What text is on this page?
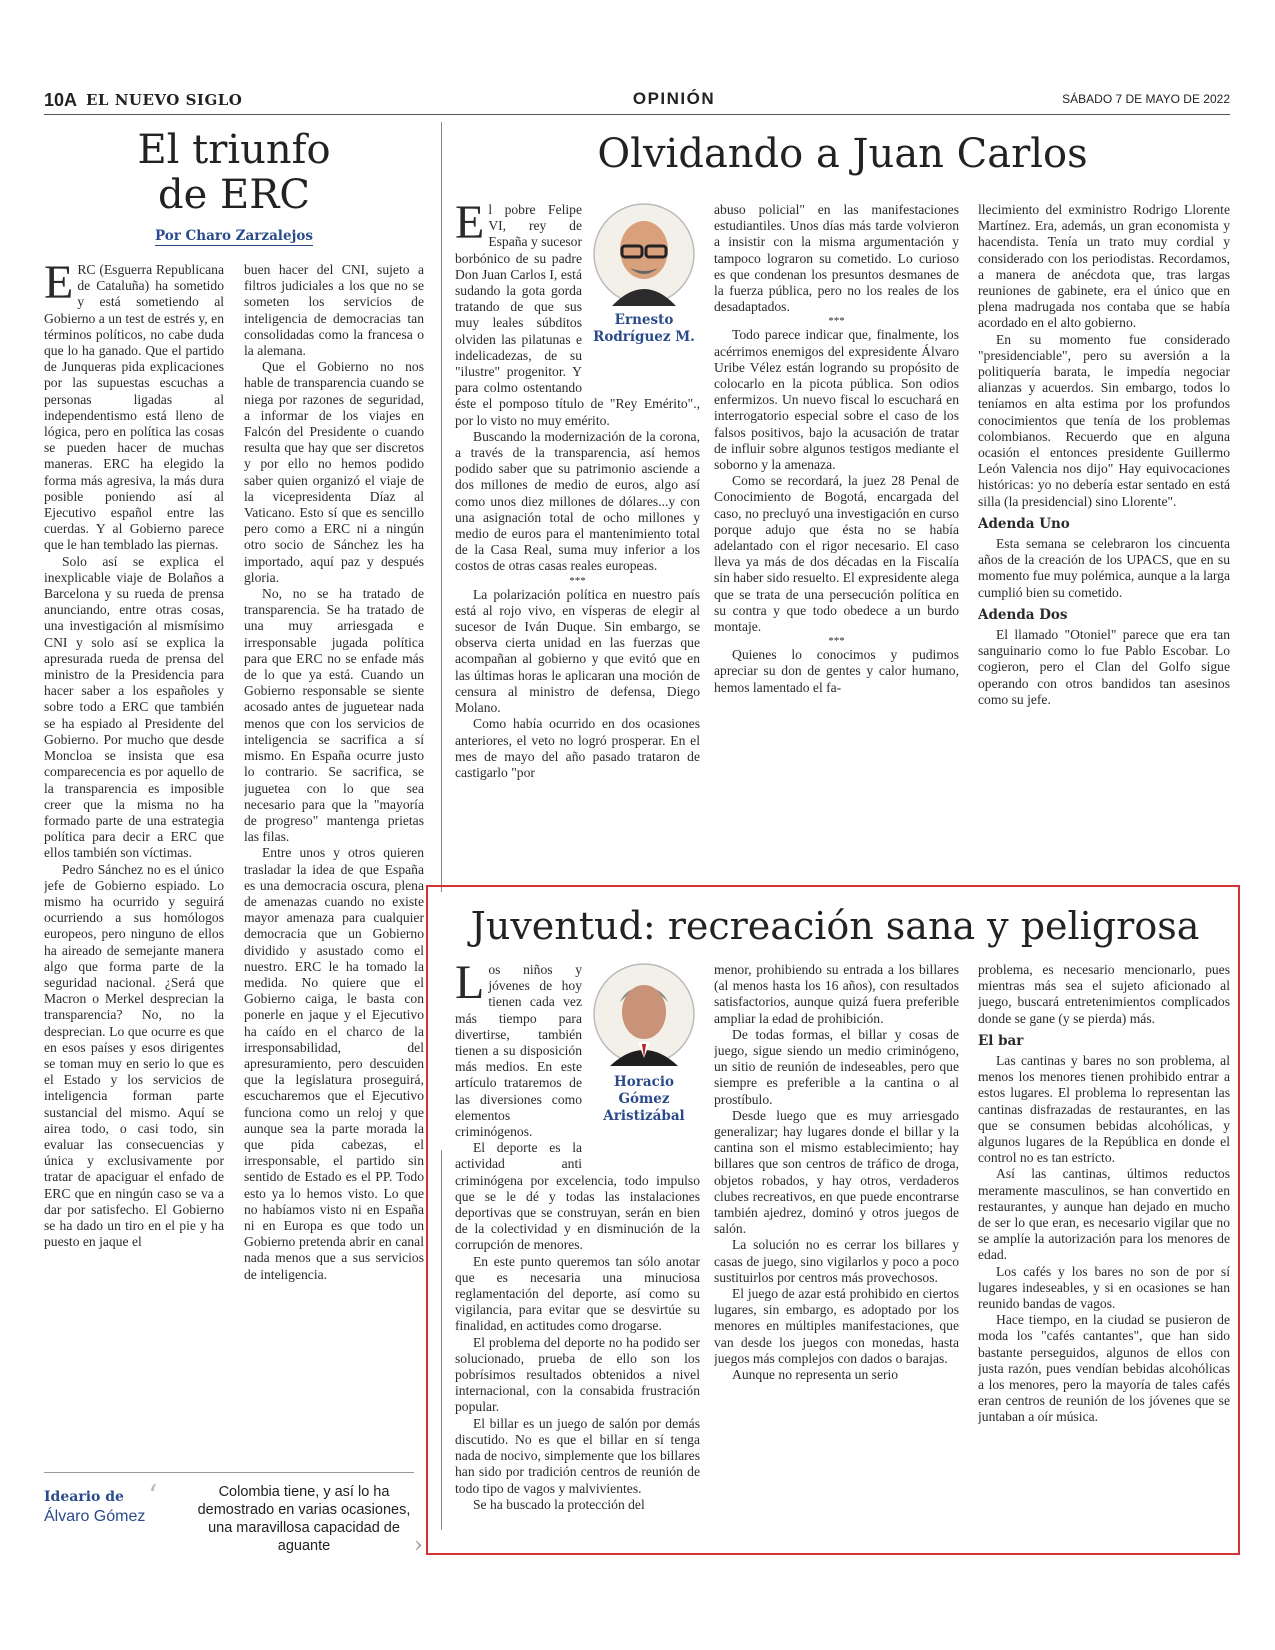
10A EL NUEVO SIGLO	OPINIÓN	SÁBADO 7 DE MAYO DE 2022
El triunfo
de ERC
Por Charo Zarzalejos

ERC (Esguerra Republicana de Cataluña) ha sometido y está sometiendo al Gobierno a un test de estrés y, en términos políticos, no cabe duda que lo ha ganado. Que el partido de Junqueras pida explicaciones por las supuestas escuchas a personas ligadas al independentismo está lleno de lógica, pero en política las cosas se pueden hacer de muchas maneras. ERC ha elegido la forma más agresiva, la más dura posible poniendo así al Ejecutivo español entre las cuerdas. Y al Gobierno parece que le han temblado las piernas.

Solo así se explica el inexplicable viaje de Bolaños a Barcelona y su rueda de prensa anunciando, entre otras cosas, una investigación al mismísimo CNI y solo así se explica la apresurada rueda de prensa del ministro de la Presidencia para hacer saber a los españoles y sobre todo a ERC que también se ha espiado al Presidente del Gobierno. Por mucho que desde Moncloa se insista que esa comparecencia es por aquello de la transparencia es imposible creer que la misma no ha formado parte de una estrategia política para decir a ERC que ellos también son víctimas.

Pedro Sánchez no es el único jefe de Gobierno espiado. Lo mismo ha ocurrido y seguirá ocurriendo a sus homólogos europeos, pero ninguno de ellos ha aireado de semejante manera algo que forma parte de la seguridad nacional. ¿Será que Macron o Merkel desprecian la transparencia? No, no la desprecian. Lo que ocurre es que en esos países y esos dirigentes se toman muy en serio lo que es el Estado y los servicios de inteligencia forman parte sustancial del mismo. Aquí se airea todo, o casi todo, sin evaluar las consecuencias y única y exclusivamente por tratar de apaciguar el enfado de ERC que en ningún caso se va a dar por satisfecho. El Gobierno se ha dado un tiro en el pie y ha puesto en jaque el

buen hacer del CNI, sujeto a filtros judiciales a los que no se someten los servicios de inteligencia de democracias tan consolidadas como la francesa o la alemana.

Que el Gobierno no nos hable de transparencia cuando se niega por razones de seguridad, a informar de los viajes en Falcón del Presidente o cuando resulta que hay que ser discretos y por ello no hemos podido saber quien organizó el viaje de la vicepresidenta Díaz al Vaticano. Esto sí que es sencillo pero como a ERC ni a ningún otro socio de Sánchez les ha importado, aquí paz y después gloria.

No, no se ha tratado de transparencia. Se ha tratado de una muy arriesgada e irresponsable jugada política para que ERC no se enfade más de lo que ya está. Cuando un Gobierno responsable se siente acosado antes de juguetear nada menos que con los servicios de inteligencia se sacrifica a sí mismo. En España ocurre justo lo contrario. Se sacrifica, se juguetea con lo que sea necesario para que la "mayoría de progreso" mantenga prietas las filas.

Entre unos y otros quieren trasladar la idea de que España es una democracia oscura, plena de amenazas cuando no existe mayor amenaza para cualquier democracia que un Gobierno dividido y asustado como el nuestro. ERC le ha tomado la medida. No quiere que el Gobierno caiga, le basta con ponerle en jaque y el Ejecutivo ha caído en el charco de la irresponsabilidad, del apresuramiento, pero descuiden que la legislatura proseguirá, escucharemos que el Ejecutivo funciona como un reloj y que aunque sea la parte morada la que pida cabezas, el irresponsable, el partido sin sentido de Estado es el PP. Todo esto ya lo hemos visto. Lo que no habíamos visto ni en España ni en Europa es que todo un Gobierno pretenda abrir en canal nada menos que a sus servicios de inteligencia.

Olvidando a Juan Carlos
Ernesto
Rodríguez M.

El pobre Felipe VI, rey de España y sucesor borbónico de su padre Don Juan Carlos I, está sudando la gota gorda tratando de que sus muy leales súbditos olviden las pilatunas e indelicadezas, de su "ilustre" progenitor. Y para colmo ostentando éste el pomposo título de "Rey Emérito"., por lo visto no muy emérito.

Buscando la modernización de la corona, a través de la transparencia, así hemos podido saber que su patrimonio asciende a dos millones de medio de euros, algo así como unos diez millones de dólares...y con una asignación total de ocho millones y medio de euros para el mantenimiento total de la Casa Real, suma muy inferior a los costos de otras casas reales europeas.

***

La polarización política en nuestro país está al rojo vivo, en vísperas de elegir al sucesor de Iván Duque. Sin embargo, se observa cierta unidad en las fuerzas que acompañan al gobierno y que evitó que en las últimas horas le aplicaran una moción de censura al ministro de defensa, Diego Molano.

Como había ocurrido en dos ocasiones anteriores, el veto no logró prosperar. En el mes de mayo del año pasado trataron de castigarlo "por

abuso policial" en las manifestaciones estudiantiles. Unos días más tarde volvieron a insistir con la misma argumentación y tampoco lograron su cometido. Lo curioso es que condenan los presuntos desmanes de la fuerza pública, pero no los reales de los desadaptados.

***

Todo parece indicar que, finalmente, los acérrimos enemigos del expresidente Álvaro Uribe Vélez están logrando su propósito de colocarlo en la picota pública. Son odios enfermizos. Un nuevo fiscal lo escuchará en interrogatorio especial sobre el caso de los falsos positivos, bajo la acusación de tratar de influir sobre algunos testigos mediante el soborno y la amenaza.

Como se recordará, la juez 28 Penal de Conocimiento de Bogotá, encargada del caso, no precluyó una investigación en curso porque adujo que ésta no se había adelantado con el rigor necesario. El caso lleva ya más de dos décadas en la Fiscalía sin haber sido resuelto. El expresidente alega que se trata de una persecución política en su contra y que todo obedece a un burdo montaje.

***

Quienes lo conocimos y pudimos apreciar su don de gentes y calor humano, hemos lamentado el fa-

llecimiento del exministro Rodrigo Llorente Martínez. Era, además, un gran economista y hacendista. Tenía un trato muy cordial y considerado con los periodistas. Recordamos, a manera de anécdota que, tras largas reuniones de gabinete, era el único que en plena madrugada nos contaba que se había acordado en el alto gobierno.

En su momento fue considerado "presidenciable", pero su aversión a la politiquería barata, le impedía negociar alianzas y acuerdos. Sin embargo, todos lo teníamos en alta estima por los profundos conocimientos que tenía de los problemas colombianos. Recuerdo que en alguna ocasión el entonces presidente Guillermo León Valencia nos dijo" Hay equivocaciones históricas: yo no debería estar sentado en está silla (la presidencial) sino Llorente".

Adenda Uno

Esta semana se celebraron los cincuenta años de la creación de los UPACS, que en su momento fue muy polémica, aunque a la larga cumplió bien su cometido.

Adenda Dos

El llamado "Otoniel" parece que era tan sanguinario como lo fue Pablo Escobar. Lo cogieron, pero el Clan del Golfo sigue operando con otros bandidos tan asesinos como su jefe.

Juventud: recreación sana y peligrosa
Horacio
Gómez
Aristizábal

Los niños y jóvenes de hoy tienen cada vez más tiempo para divertirse, también tienen a su disposición más medios. En este artículo trataremos de las diversiones como elementos criminógenos.

El deporte es la actividad anti criminógena por excelencia, todo impulso que se le dé y todas las instalaciones deportivas que se construyan, serán en bien de la colectividad y en disminución de la corrupción de menores.

En este punto queremos tan sólo anotar que es necesaria una minuciosa reglamentación del deporte, así como su vigilancia, para evitar que se desvirtúe su finalidad, en actitudes como drogarse.

El problema del deporte no ha podido ser solucionado, prueba de ello son los pobrísimos resultados obtenidos a nivel internacional, con la consabida frustración popular.

El billar es un juego de salón por demás discutido. No es que el billar en sí tenga nada de nocivo, simplemente que los billares han sido por tradición centros de reunión de todo tipo de vagos y malvivientes.

Se ha buscado la protección del

menor, prohibiendo su entrada a los billares (al menos hasta los 16 años), con resultados satisfactorios, aunque quizá fuera preferible ampliar la edad de prohibición.

De todas formas, el billar y cosas de juego, sigue siendo un medio criminógeno, un sitio de reunión de indeseables, pero que siempre es preferible a la cantina o al prostíbulo.

Desde luego que es muy arriesgado generalizar; hay lugares donde el billar y la cantina son el mismo establecimiento; hay billares que son centros de tráfico de droga, objetos robados, y hay otros, verdaderos clubes recreativos, en que puede encontrarse también ajedrez, dominó y otros juegos de salón.

La solución no es cerrar los billares y casas de juego, sino vigilarlos y poco a poco sustituirlos por centros más provechosos.

El juego de azar está prohibido en ciertos lugares, sin embargo, es adoptado por los menores en múltiples manifestaciones, que van desde los juegos con monedas, hasta juegos más complejos con dados o barajas.

Aunque no representa un serio

problema, es necesario mencionarlo, pues mientras más sea el sujeto aficionado al juego, buscará entretenimientos complicados donde se gane (y se pierda) más.

El bar

Las cantinas y bares no son problema, al menos los menores tienen prohibido entrar a estos lugares. El problema lo representan las cantinas disfrazadas de restaurantes, en las que se consumen bebidas alcohólicas, y algunos lugares de la República en donde el control no es tan estricto.

Así las cantinas, últimos reductos meramente masculinos, se han convertido en restaurantes, y aunque han dejado en mucho de ser lo que eran, es necesario vigilar que no se amplíe la autorización para los menores de edad.

Los cafés y los bares no son de por sí lugares indeseables, y si en ocasiones se han reunido bandas de vagos.

Hace tiempo, en la ciudad se pusieron de moda los "cafés cantantes", que han sido bastante perseguidos, algunos de ellos con justa razón, pues vendían bebidas alcohólicas a los menores, pero la mayoría de tales cafés eran centros de reunión de los jóvenes que se juntaban a oír música.

Ideario de
Álvaro Gómez
‘	Colombia tiene, y así lo ha demostrado en varias ocasiones, una maravillosa capacidad de aguante	›
